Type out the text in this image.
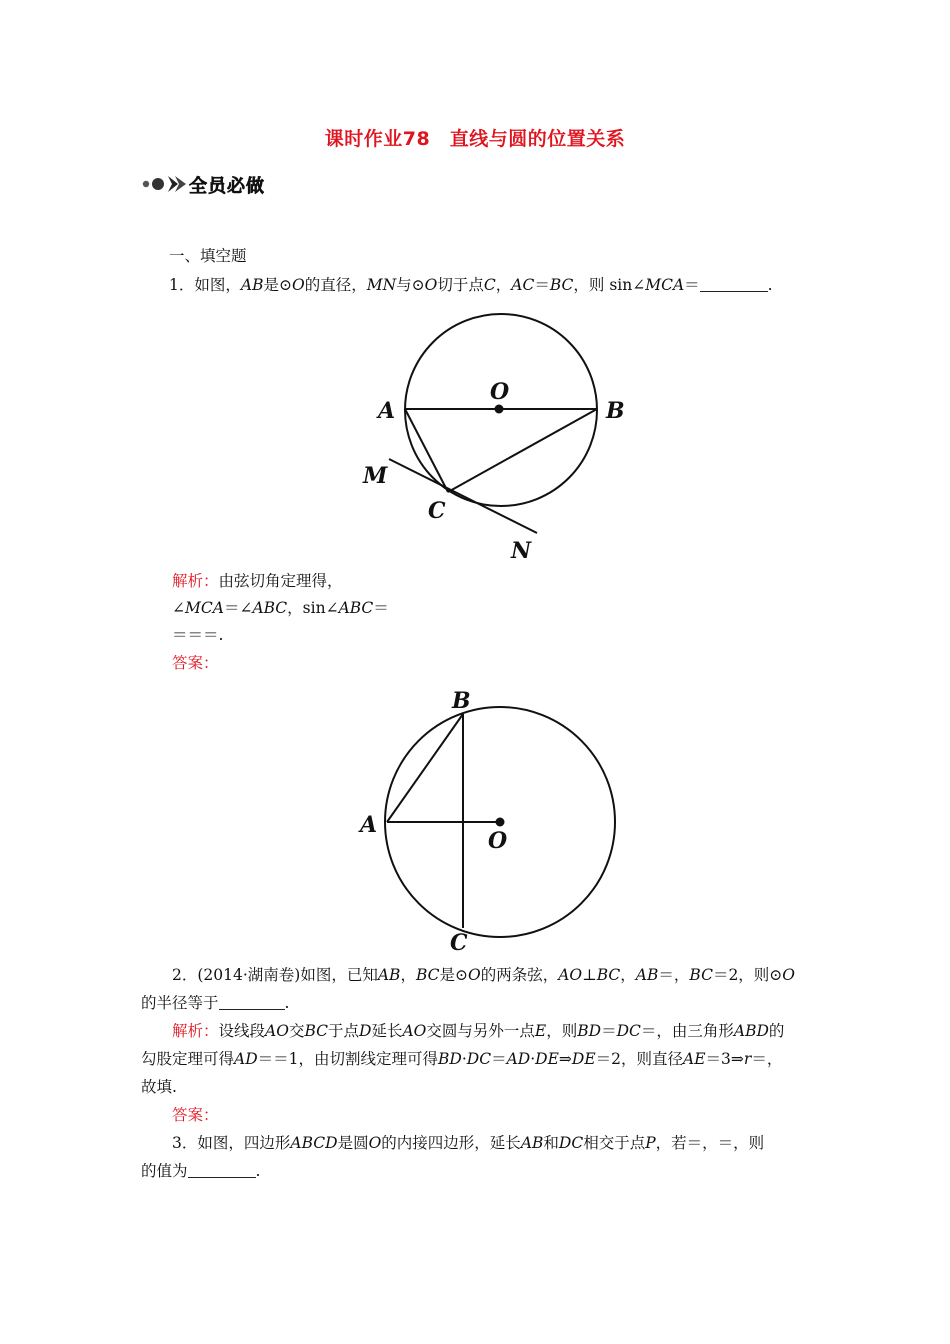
课时作业78　直线与圆的位置关系
全员必做
一、填空题
1．如图，AB是⊙O的直径，MN与⊙O切于点C，AC＝BC，则 sin∠MCA＝	.
A
O
B
M
C
N
解析：由弦切角定理得，
∠MCA＝∠ABC，sin∠ABC＝
＝＝＝.
答案：
B
A
O
C
2．(2014·湖南卷)如图，已知AB，BC是⊙O的两条弦，AO⊥BC，AB＝，BC＝2，则⊙O
的半径等于	.
解析：设线段AO交BC于点D延长AO交圆与另外一点E，则BD＝DC＝，由三角形ABD的
勾股定理可得AD＝＝1，由切割线定理可得BD·DC＝AD·DE⇒DE＝2，则直径AE＝3⇒r＝，
故填.
答案：
3．如图，四边形ABCD是圆O的内接四边形，延长AB和DC相交于点P，若＝，＝，则
的值为	.
